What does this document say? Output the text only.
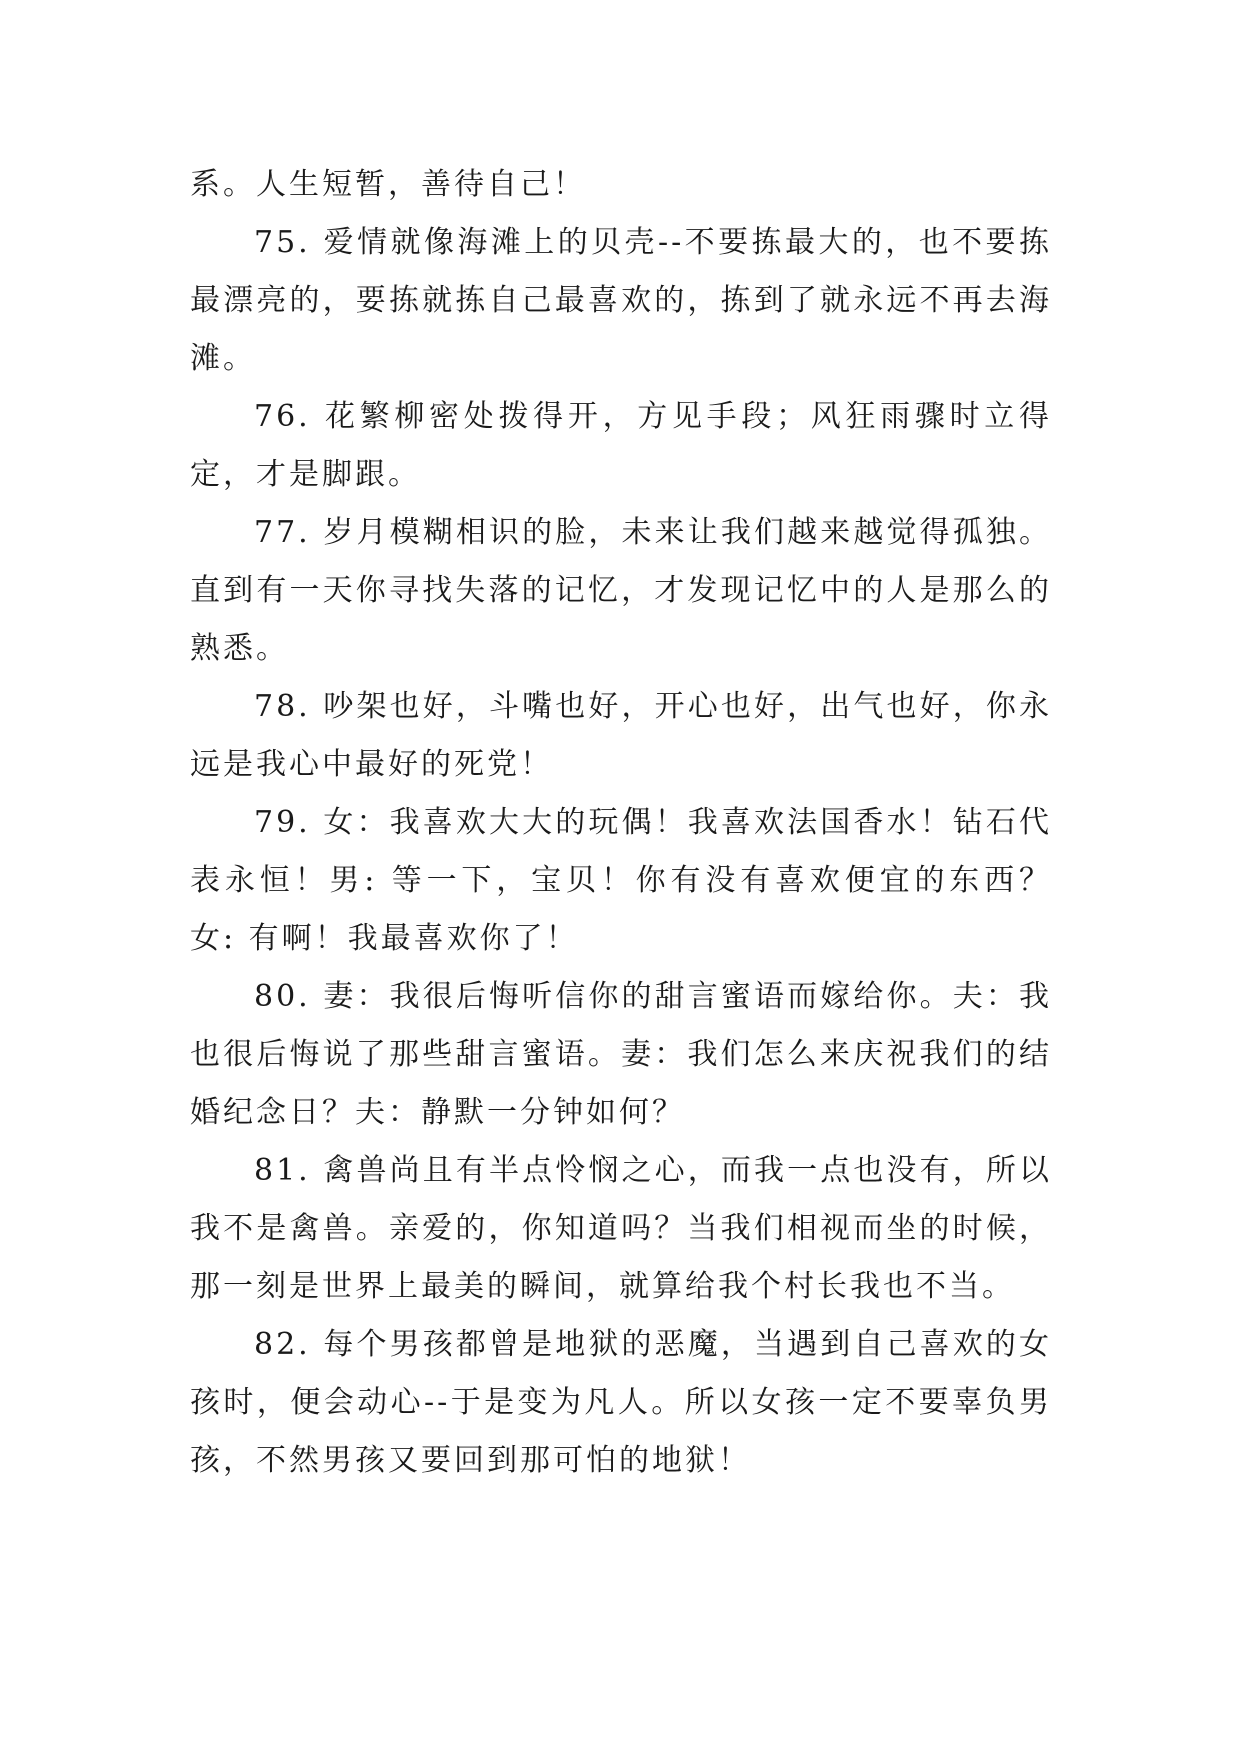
系。人生短暂，善待自己！

75. 爱情就像海滩上的贝壳--不要拣最大的，也不要拣最漂亮的，要拣就拣自己最喜欢的，拣到了就永远不再去海滩。

76. 花繁柳密处拨得开，方见手段；风狂雨骤时立得定，才是脚跟。

77. 岁月模糊相识的脸，未来让我们越来越觉得孤独。直到有一天你寻找失落的记忆，才发现记忆中的人是那么的熟悉。

78. 吵架也好，斗嘴也好，开心也好，出气也好，你永远是我心中最好的死党！

79. 女：我喜欢大大的玩偶！我喜欢法国香水！钻石代表永恒！男: 等一下，宝贝！你有没有喜欢便宜的东西？女: 有啊！我最喜欢你了！

80. 妻：我很后悔听信你的甜言蜜语而嫁给你。夫：我也很后悔说了那些甜言蜜语。妻：我们怎么来庆祝我们的结婚纪念日？夫：静默一分钟如何？

81. 禽兽尚且有半点怜悯之心，而我一点也没有，所以我不是禽兽。亲爱的，你知道吗？当我们相视而坐的时候，那一刻是世界上最美的瞬间，就算给我个村长我也不当。

82. 每个男孩都曾是地狱的恶魔，当遇到自己喜欢的女孩时，便会动心--于是变为凡人。所以女孩一定不要辜负男孩，不然男孩又要回到那可怕的地狱！
